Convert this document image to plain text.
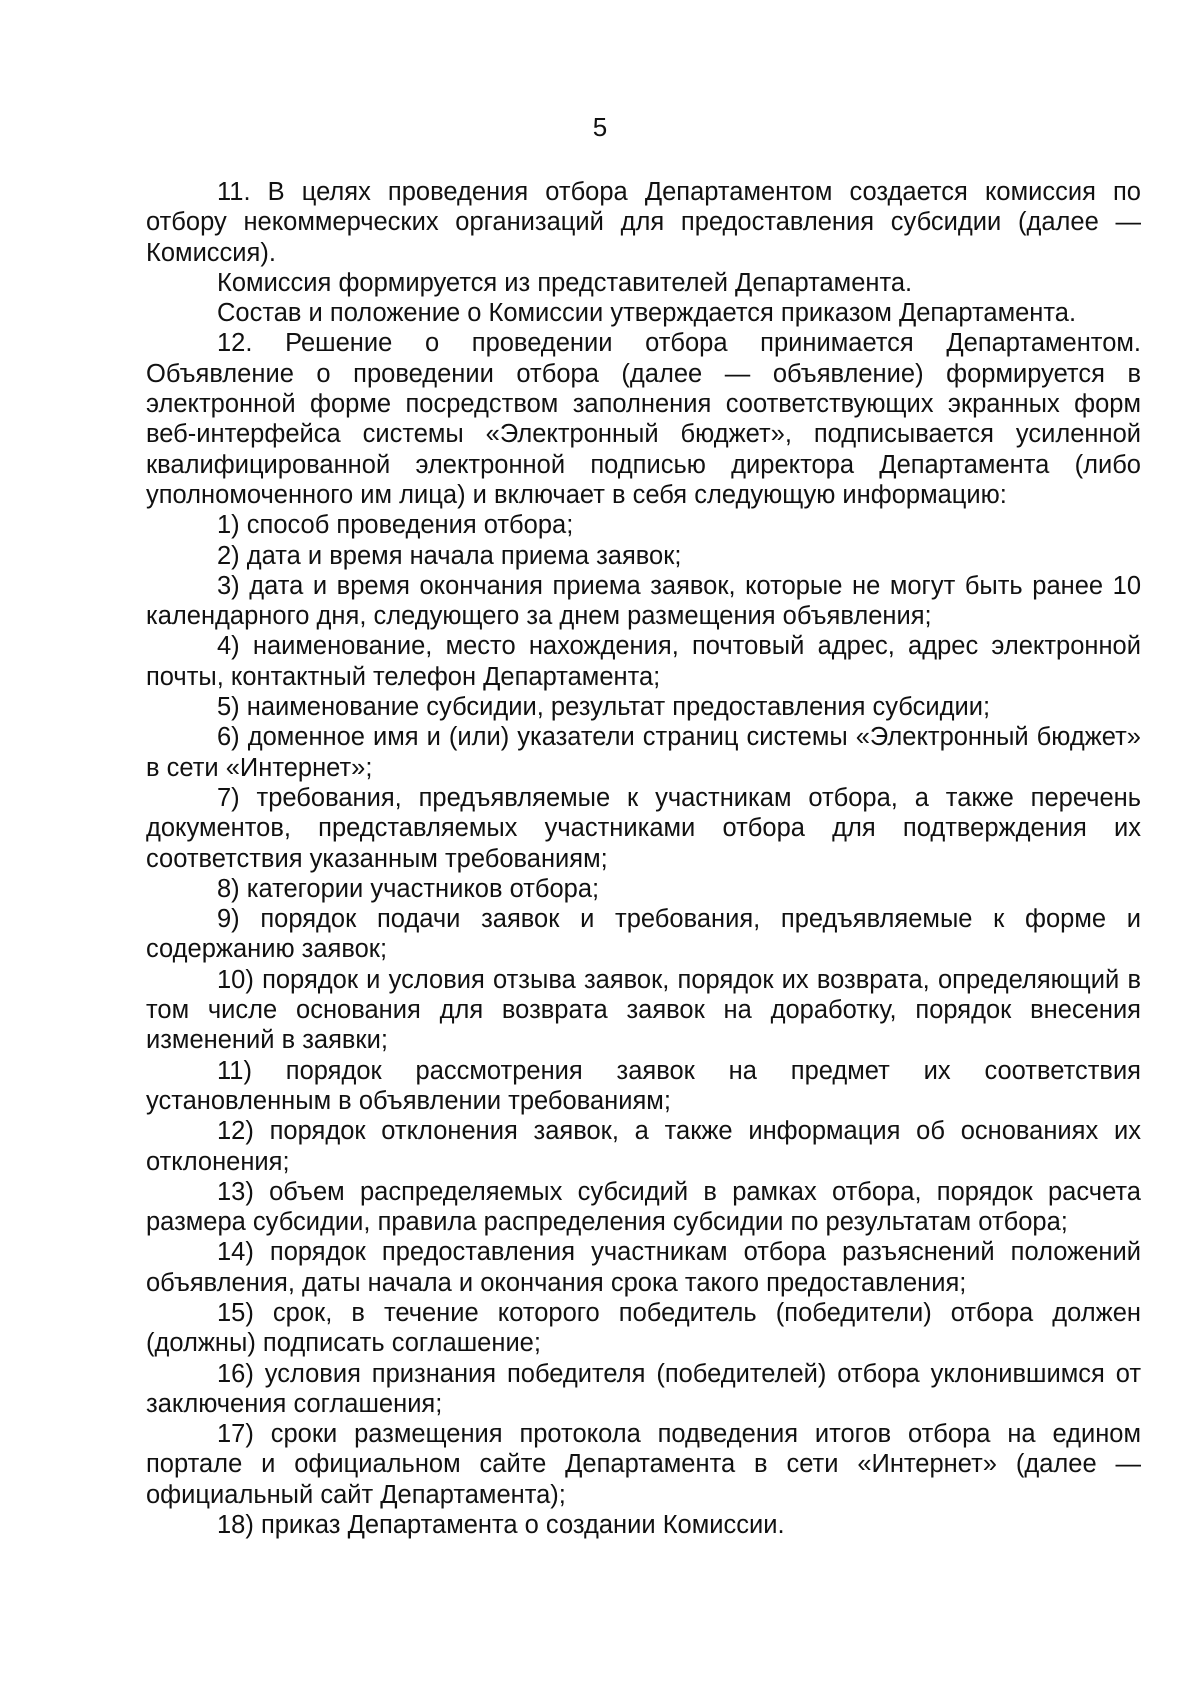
5

11. В целях проведения отбора Департаментом создается комиссия по отбору некоммерческих организаций для предоставления субсидии (далее — Комиссия).

Комиссия формируется из представителей Департамента.

Состав и положение о Комиссии утверждается приказом Департамента.

12. Решение о проведении отбора принимается Департаментом. Объявление о проведении отбора (далее — объявление) формируется в электронной форме посредством заполнения соответствующих экранных форм веб-интерфейса системы «Электронный бюджет», подписывается усиленной квалифицированной электронной подписью директора Департамента (либо уполномоченного им лица) и включает в себя следующую информацию:

1) способ проведения отбора;

2) дата и время начала приема заявок;

3) дата и время окончания приема заявок, которые не могут быть ранее 10 календарного дня, следующего за днем размещения объявления;

4) наименование, место нахождения, почтовый адрес, адрес электронной почты, контактный телефон Департамента;

5) наименование субсидии, результат предоставления субсидии;

6) доменное имя и (или) указатели страниц системы «Электронный бюджет» в сети «Интернет»;

7) требования, предъявляемые к участникам отбора, а также перечень документов, представляемых участниками отбора для подтверждения их соответствия указанным требованиям;

8) категории участников отбора;

9) порядок подачи заявок и требования, предъявляемые к форме и содержанию заявок;

10) порядок и условия отзыва заявок, порядок их возврата, определяющий в том числе основания для возврата заявок на доработку, порядок внесения изменений в заявки;

11) порядок рассмотрения заявок на предмет их соответствия установленным в объявлении требованиям;

12) порядок отклонения заявок, а также информация об основаниях их отклонения;

13) объем распределяемых субсидий в рамках отбора, порядок расчета размера субсидии, правила распределения субсидии по результатам отбора;

14) порядок предоставления участникам отбора разъяснений положений объявления, даты начала и окончания срока такого предоставления;

15) срок, в течение которого победитель (победители) отбора должен (должны) подписать соглашение;

16) условия признания победителя (победителей) отбора уклонившимся от заключения соглашения;

17) сроки размещения протокола подведения итогов отбора на едином портале и официальном сайте Департамента в сети «Интернет» (далее — официальный сайт Департамента);

18) приказ Департамента о создании Комиссии.
